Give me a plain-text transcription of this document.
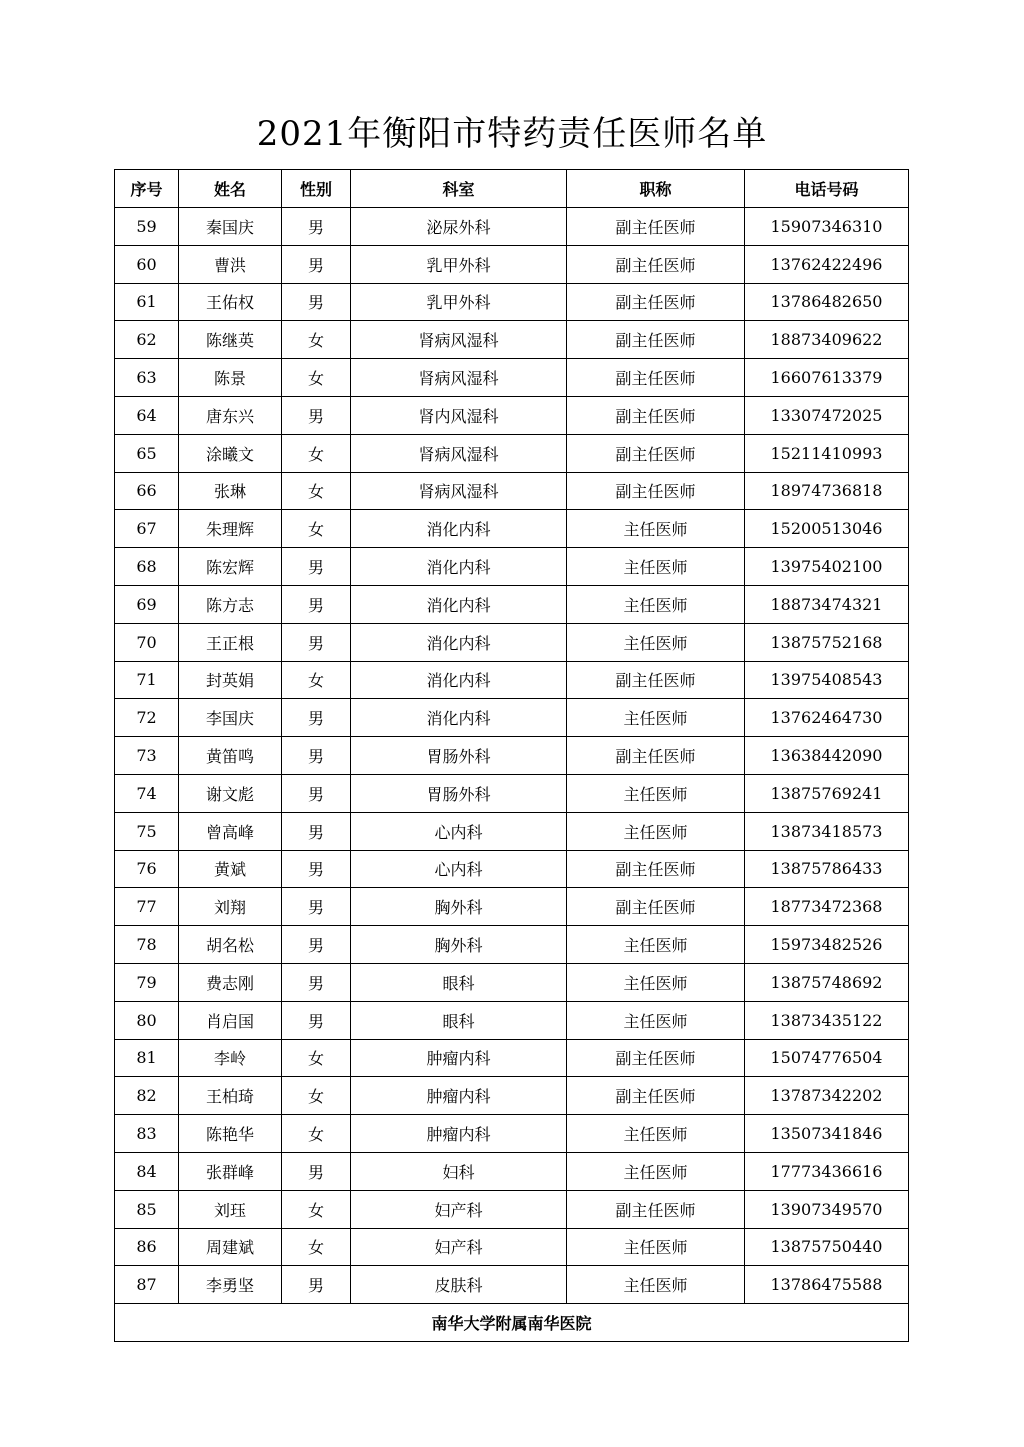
2021年衡阳市特药责任医师名单
序号	姓名	性别	科室	职称	电话号码
59	秦国庆	男	泌尿外科	副主任医师	15907346310
60	曹洪	男	乳甲外科	副主任医师	13762422496
61	王佑权	男	乳甲外科	副主任医师	13786482650
62	陈继英	女	肾病风湿科	副主任医师	18873409622
63	陈景	女	肾病风湿科	副主任医师	16607613379
64	唐东兴	男	肾内风湿科	副主任医师	13307472025
65	涂曦文	女	肾病风湿科	副主任医师	15211410993
66	张琳	女	肾病风湿科	副主任医师	18974736818
67	朱理辉	女	消化内科	主任医师	15200513046
68	陈宏辉	男	消化内科	主任医师	13975402100
69	陈方志	男	消化内科	主任医师	18873474321
70	王正根	男	消化内科	主任医师	13875752168
71	封英娟	女	消化内科	副主任医师	13975408543
72	李国庆	男	消化内科	主任医师	13762464730
73	黄笛鸣	男	胃肠外科	副主任医师	13638442090
74	谢文彪	男	胃肠外科	主任医师	13875769241
75	曾高峰	男	心内科	主任医师	13873418573
76	黄斌	男	心内科	副主任医师	13875786433
77	刘翔	男	胸外科	副主任医师	18773472368
78	胡名松	男	胸外科	主任医师	15973482526
79	费志刚	男	眼科	主任医师	13875748692
80	肖启国	男	眼科	主任医师	13873435122
81	李岭	女	肿瘤内科	副主任医师	15074776504
82	王柏琦	女	肿瘤内科	副主任医师	13787342202
83	陈艳华	女	肿瘤内科	主任医师	13507341846
84	张群峰	男	妇科	主任医师	17773436616
85	刘珏	女	妇产科	副主任医师	13907349570
86	周建斌	女	妇产科	主任医师	13875750440
87	李勇坚	男	皮肤科	主任医师	13786475588
南华大学附属南华医院					
